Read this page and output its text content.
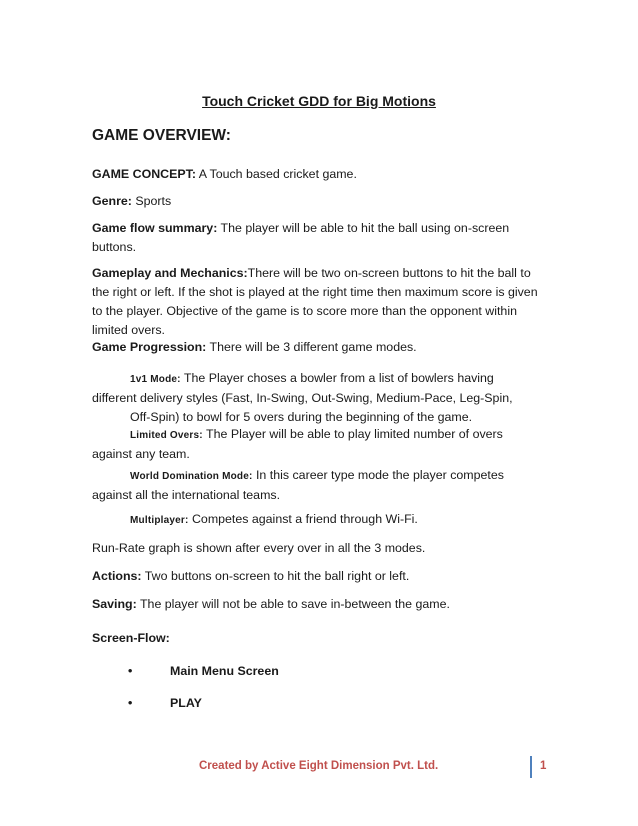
Touch Cricket GDD for Big Motions
GAME OVERVIEW:
GAME CONCEPT: A Touch based cricket game.
Genre: Sports
Game flow summary: The player will be able to hit the ball using on-screen
buttons.
Gameplay and Mechanics:There will be two on-screen buttons to hit the ball to
the right or left. If the shot is played at the right time then maximum score is given
to the player. Objective of the game is to score more than the opponent within
limited overs.
Game Progression: There will be 3 different game modes.
1v1 Mode: The Player choses a bowler from a list of bowlers having
different delivery styles (Fast, In-Swing, Out-Swing, Medium-Pace, Leg-Spin,
Off-Spin) to bowl for 5 overs during the beginning of the game.
Limited Overs: The Player will be able to play limited number of overs
against any team.
World Domination Mode: In this career type mode the player competes
against all the international teams.
Multiplayer: Competes against a friend through Wi-Fi.
Run-Rate graph is shown after every over in all the 3 modes.
Actions: Two buttons on-screen to hit the ball right or left.
Saving: The player will not be able to save in-between the game.
Screen-Flow:
•	Main Menu Screen
•	PLAY
Created by Active Eight Dimension Pvt. Ltd.	1
